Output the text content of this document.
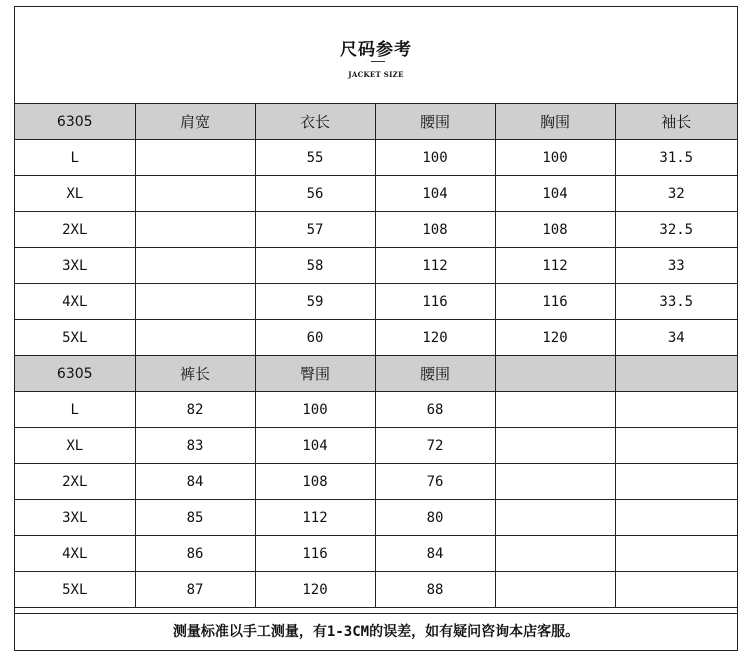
尺码参考
JACKET SIZE
6305	肩宽	衣长	腰围	胸围	袖长
L		55	100	100	31.5
XL		56	104	104	32
2XL		57	108	108	32.5
3XL		58	112	112	33
4XL		59	116	116	33.5
5XL		60	120	120	34
6305	裤长	臀围	腰围		
L	82	100	68		
XL	83	104	72		
2XL	84	108	76		
3XL	85	112	80		
4XL	86	116	84		
5XL	87	120	88		
测量标准以手工测量，有1-3CM的误差，如有疑问咨询本店客服。
